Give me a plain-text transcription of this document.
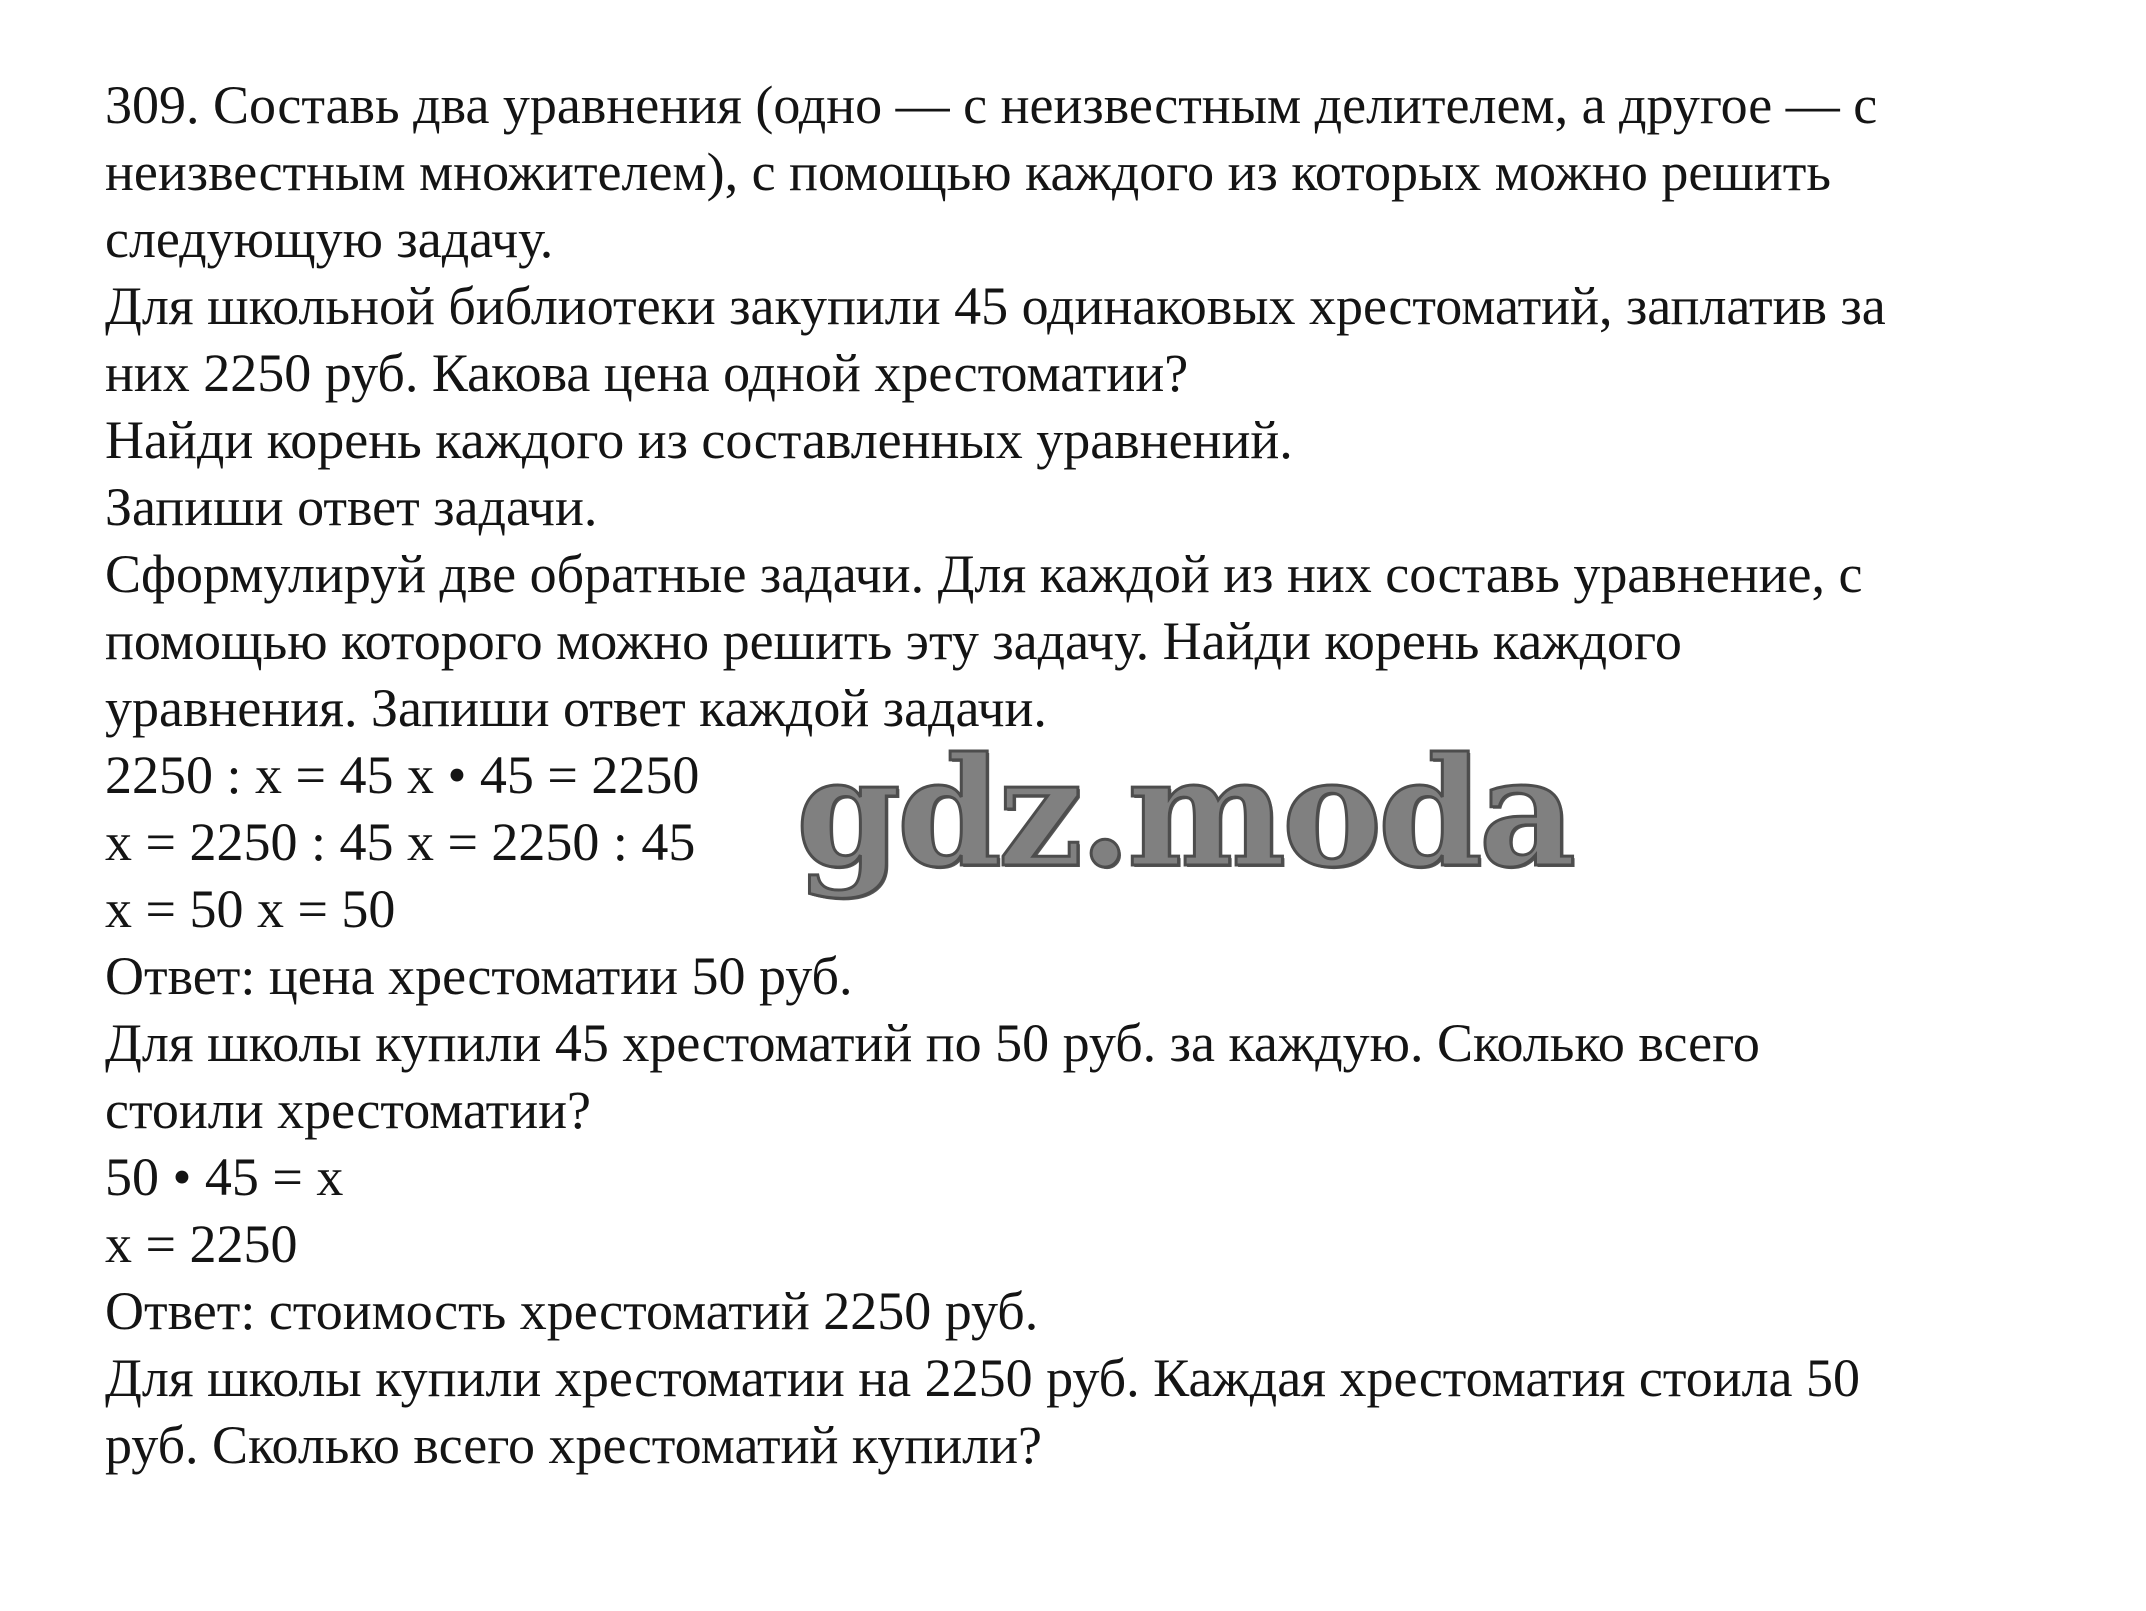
309. Составь два уравнения (одно — с неизвестным делителем, а другое — с
неизвестным множителем), с помощью каждого из которых можно решить
следующую задачу.
Для школьной библиотеки закупили 45 одинаковых хрестоматий, заплатив за
них 2250 руб. Какова цена одной хрестоматии?
Найди корень каждого из составленных уравнений.
Запиши ответ задачи.
Сформулируй две обратные задачи. Для каждой из них составь уравнение, с
помощью которого можно решить эту задачу. Найди корень каждого
уравнения. Запиши ответ каждой задачи.
2250 : x = 45 x • 45 = 2250
x = 2250 : 45 x = 2250 : 45
x = 50 x = 50
Ответ: цена хрестоматии 50 руб.
Для школы купили 45 хрестоматий по 50 руб. за каждую. Сколько всего
стоили хрестоматии?
50 • 45 = x
x = 2250
Ответ: стоимость хрестоматий 2250 руб.
Для школы купили хрестоматии на 2250 руб. Каждая хрестоматия стоила 50
руб. Сколько всего хрестоматий купили?
gdz.moda
